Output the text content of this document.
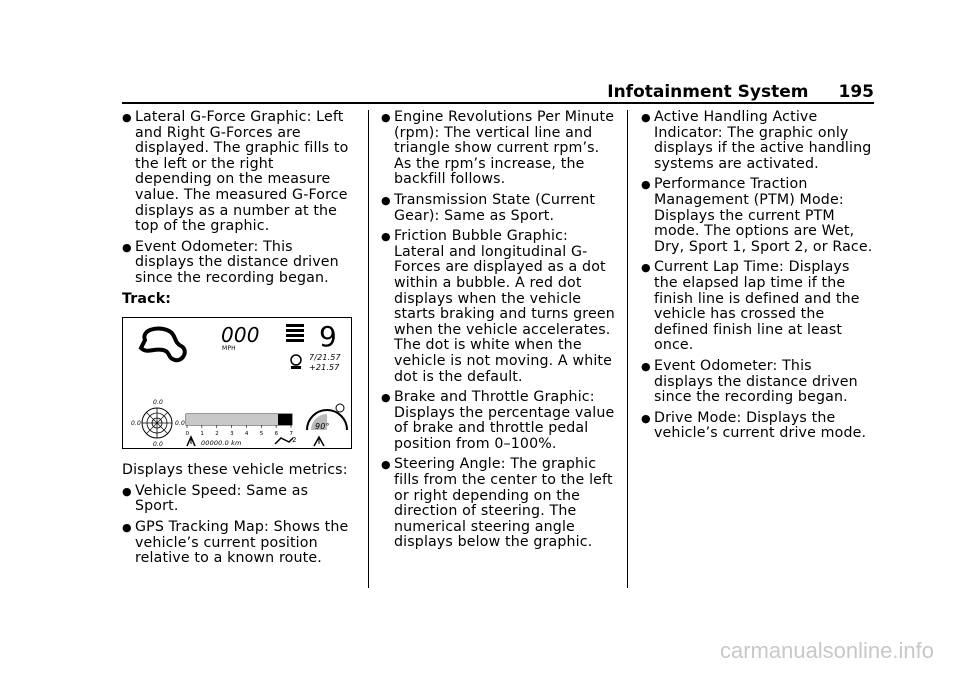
Infotainment System 195
● Lateral G-Force Graphic: Left and Right G-Forces are displayed. The graphic fills to the left or the right depending on the measure value. The measured G-Force displays as a number at the top of the graphic.
● Event Odometer: This displays the distance driven since the recording began.
Track:
000
MPH	9
7/21.57
+21.57
0.0
0.0	0.0
0.0
0 1 2 3 4 5 6 7
90°
00000.0 km	2
Displays these vehicle metrics:
● Vehicle Speed: Same as Sport.
● GPS Tracking Map: Shows the vehicle’s current position relative to a known route.
● Engine Revolutions Per Minute (rpm): The vertical line and triangle show current rpm’s. As the rpm’s increase, the backfill follows.
● Transmission State (Current Gear): Same as Sport.
● Friction Bubble Graphic: Lateral and longitudinal G-Forces are displayed as a dot within a bubble. A red dot displays when the vehicle starts braking and turns green when the vehicle accelerates. The dot is white when the vehicle is not moving. A white dot is the default.
● Brake and Throttle Graphic: Displays the percentage value of brake and throttle pedal position from 0–100%.
● Steering Angle: The graphic fills from the center to the left or right depending on the direction of steering. The numerical steering angle displays below the graphic.
● Active Handling Active Indicator: The graphic only displays if the active handling systems are activated.
● Performance Traction Management (PTM) Mode: Displays the current PTM mode. The options are Wet, Dry, Sport 1, Sport 2, or Race.
● Current Lap Time: Displays the elapsed lap time if the finish line is defined and the vehicle has crossed the defined finish line at least once.
● Event Odometer: This displays the distance driven since the recording began.
● Drive Mode: Displays the vehicle’s current drive mode.
carmanualsonline.info
